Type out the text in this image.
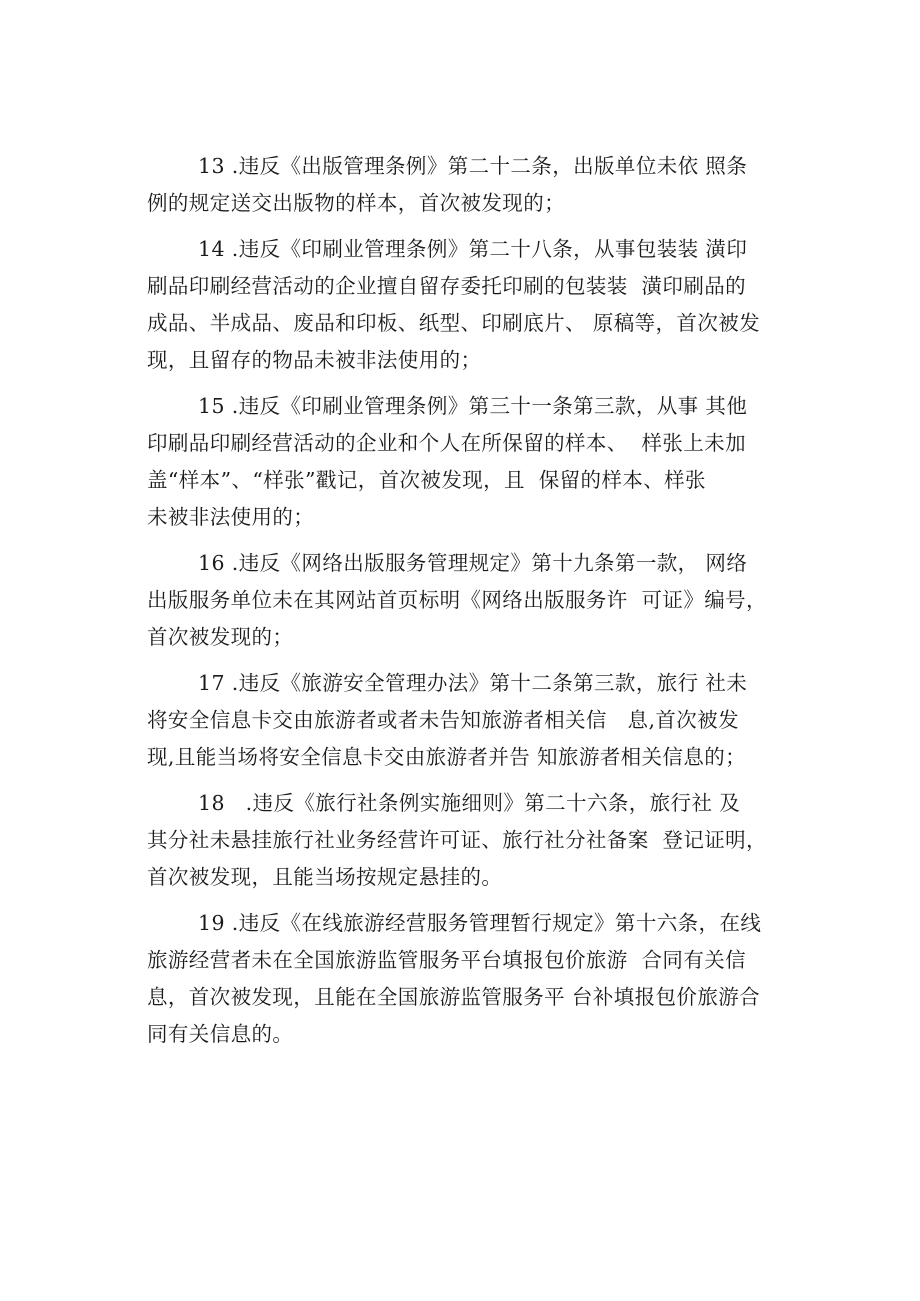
13 .违反《出版管理条例》第二十二条，出版单位未依 照条
例的规定送交出版物的样本，首次被发现的；
14 .违反《印刷业管理条例》第二十八条，从事包装装 潢印
刷品印刷经营活动的企业擅自留存委托印刷的包装装  潢印刷品的
成品、半成品、废品和印板、纸型、印刷底片、 原稿等，首次被发
现，且留存的物品未被非法使用的；
15 .违反《印刷业管理条例》第三十一条第三款，从事 其他
印刷品印刷经营活动的企业和个人在所保留的样本、  样张上未加
盖“样本”、“样张”戳记，首次被发现，且  保留的样本、样张
未被非法使用的；
16 .违反《网络出版服务管理规定》第十九条第一款， 网络
出版服务单位未在其网站首页标明《网络出版服务许  可证》编号，
首次被发现的；
17 .违反《旅游安全管理办法》第十二条第三款，旅行 社未
将安全信息卡交由旅游者或者未告知旅游者相关信   息,首次被发
现,且能当场将安全信息卡交由旅游者并告 知旅游者相关信息的；
18   .违反《旅行社条例实施细则》第二十六条，旅行社 及
其分社未悬挂旅行社业务经营许可证、旅行社分社备案  登记证明，
首次被发现，且能当场按规定悬挂的。
19 .违反《在线旅游经营服务管理暂行规定》第十六条，在线
旅游经营者未在全国旅游监管服务平台填报包价旅游  合同有关信
息，首次被发现，且能在全国旅游监管服务平 台补填报包价旅游合
同有关信息的。
